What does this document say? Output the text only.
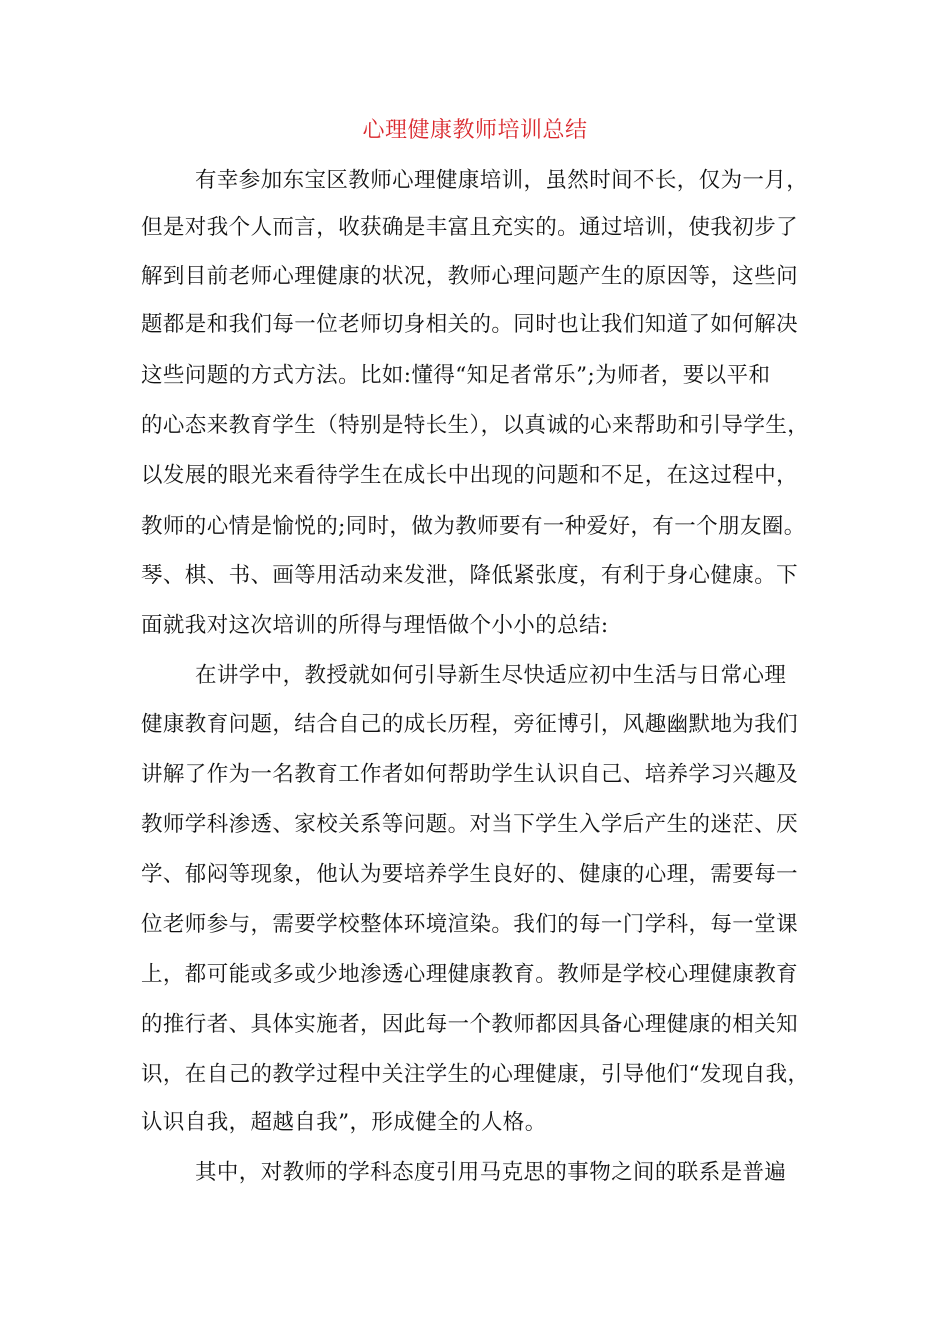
心理健康教师培训总结
有幸参加东宝区教师心理健康培训，虽然时间不长，仅为一月，
但是对我个人而言，收获确是丰富且充实的。通过培训，使我初步了
解到目前老师心理健康的状况，教师心理问题产生的原因等，这些问
题都是和我们每一位老师切身相关的。同时也让我们知道了如何解决
这些问题的方式方法。比如:懂得“知足者常乐”;为师者，要以平和
的心态来教育学生（特别是特长生），以真诚的心来帮助和引导学生，
以发展的眼光来看待学生在成长中出现的问题和不足，在这过程中，
教师的心情是愉悦的;同时，做为教师要有一种爱好，有一个朋友圈。
琴、棋、书、画等用活动来发泄，降低紧张度，有利于身心健康。下
面就我对这次培训的所得与理悟做个小小的总结:
在讲学中，教授就如何引导新生尽快适应初中生活与日常心理
健康教育问题，结合自己的成长历程，旁征博引，风趣幽默地为我们
讲解了作为一名教育工作者如何帮助学生认识自己、培养学习兴趣及
教师学科渗透、家校关系等问题。对当下学生入学后产生的迷茫、厌
学、郁闷等现象，他认为要培养学生良好的、健康的心理，需要每一
位老师参与，需要学校整体环境渲染。我们的每一门学科，每一堂课
上，都可能或多或少地渗透心理健康教育。教师是学校心理健康教育
的推行者、具体实施者，因此每一个教师都因具备心理健康的相关知
识，在自己的教学过程中关注学生的心理健康，引导他们“发现自我，
认识自我，超越自我”，形成健全的人格。
其中，对教师的学科态度引用马克思的事物之间的联系是普遍
